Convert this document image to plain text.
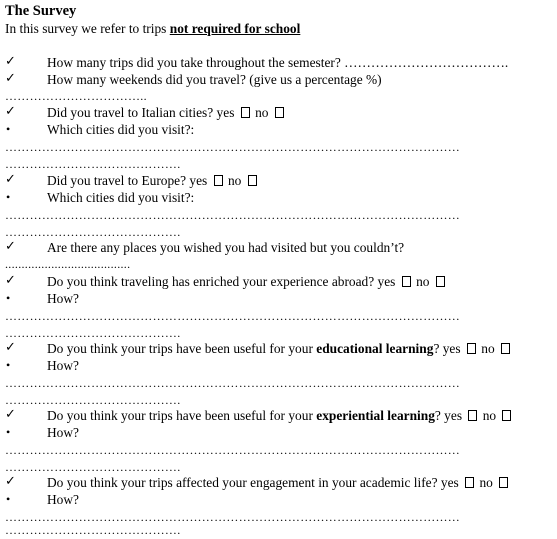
The Survey
In this survey we refer to trips not required for school
✓ How many trips did you take throughout the semester? ……………………………….
✓ How many weekends did you travel? (give us a percentage %)
……………………………..
✓ Did you travel to Italian cities? yes  no
•	Which cities did you visit?:
…………………………………………………………………………………………………
…………………………………….
✓ Did you travel to Europe? yes  no
•	Which cities did you visit?:
…………………………………………………………………………………………………
…………………………………….
✓ Are there any places you wished you had visited but you couldn’t?
......................................
✓ Do you think traveling has enriched your experience abroad? yes  no
•	How?
…………………………………………………………………………………………………
…………………………………….
✓ Do you think your trips have been useful for your educational learning? yes  no
•	How?
…………………………………………………………………………………………………
…………………………………….
✓ Do you think your trips have been useful for your experiential learning? yes  no
•	How?
…………………………………………………………………………………………………
…………………………………….
✓ Do you think your trips affected your engagement in your academic life? yes  no
•	How?
…………………………………………………………………………………………………
…………………………………….
